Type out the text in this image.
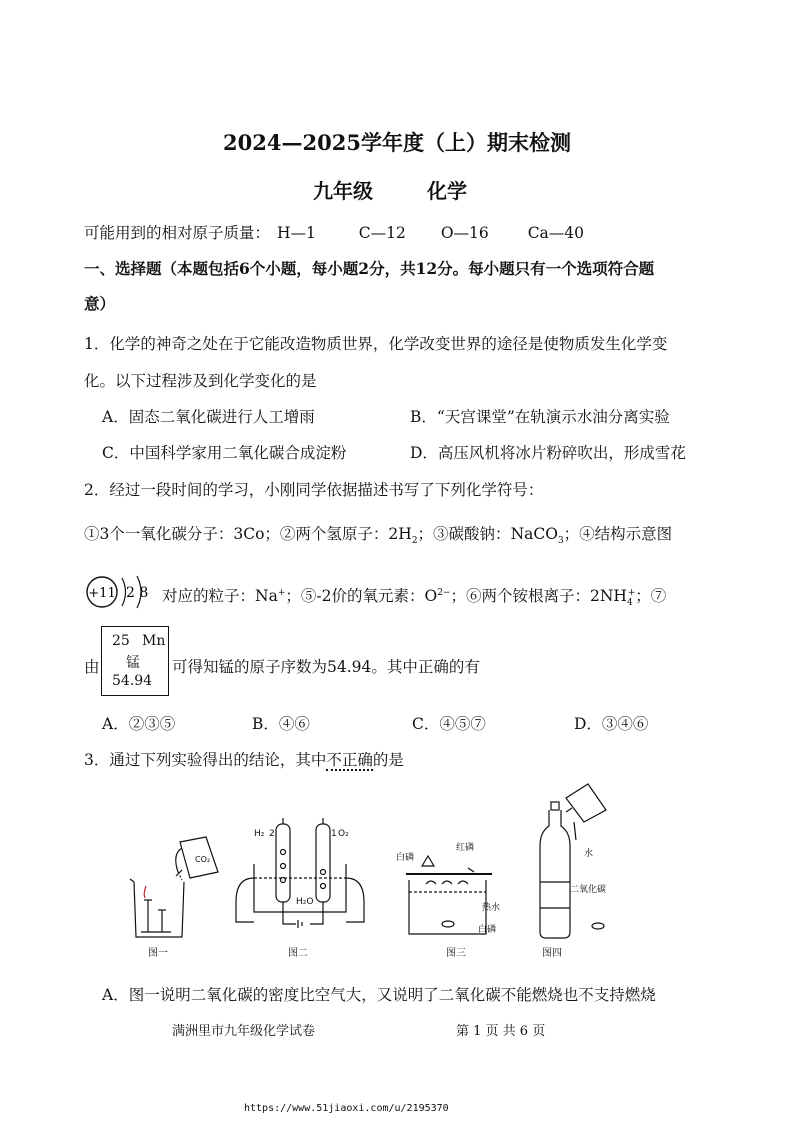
2024—2025学年度（上）期末检测
九年级	化学
可能用到的相对原子质量： H—1	C—12 O—16	Ca—40
一、选择题（本题包括6个小题，每小题2分，共12分。每小题只有一个选项符合题
意）
1．化学的神奇之处在于它能改造物质世界，化学改变世界的途径是使物质发生化学变
化。以下过程涉及到化学变化的是
A．固态二氧化碳进行人工增雨	B．“天宫课堂”在轨演示水油分离实验
C．中国科学家用二氧化碳合成淀粉	D．高压风机将冰片粉碎吹出，形成雪花
2．经过一段时间的学习，小刚同学依据描述书写了下列化学符号：
①3个一氧化碳分子：3Co；②两个氢原子：$2H_2$；③碳酸钠：NaCO$_3$；④结构示意图
+11 2 8 对应的粒子：Na+；⑤-2价的氧元素：$O^{2-}$；⑥两个铵根离子：$2NH_4^+$；⑦
由
25 Mn
锰
54.94
可得知锰的原子序数为54.94。其中正确的有
A．②③⑤	B．④⑥	C．④⑤⑦	D．③④⑥
3．通过下列实验得出的结论，其中不正确的是
CO₂
图一
H₂ 2	1 O₂
H₂O
图二
白磷
红磷
热水
白磷
图三
水
二氧化碳
图四
A．图一说明二氧化碳的密度比空气大，又说明了二氧化碳不能燃烧也不支持燃烧
满洲里市九年级化学试卷	第 1 页 共 6 页
https://www.51jiaoxi.com/u/2195370
